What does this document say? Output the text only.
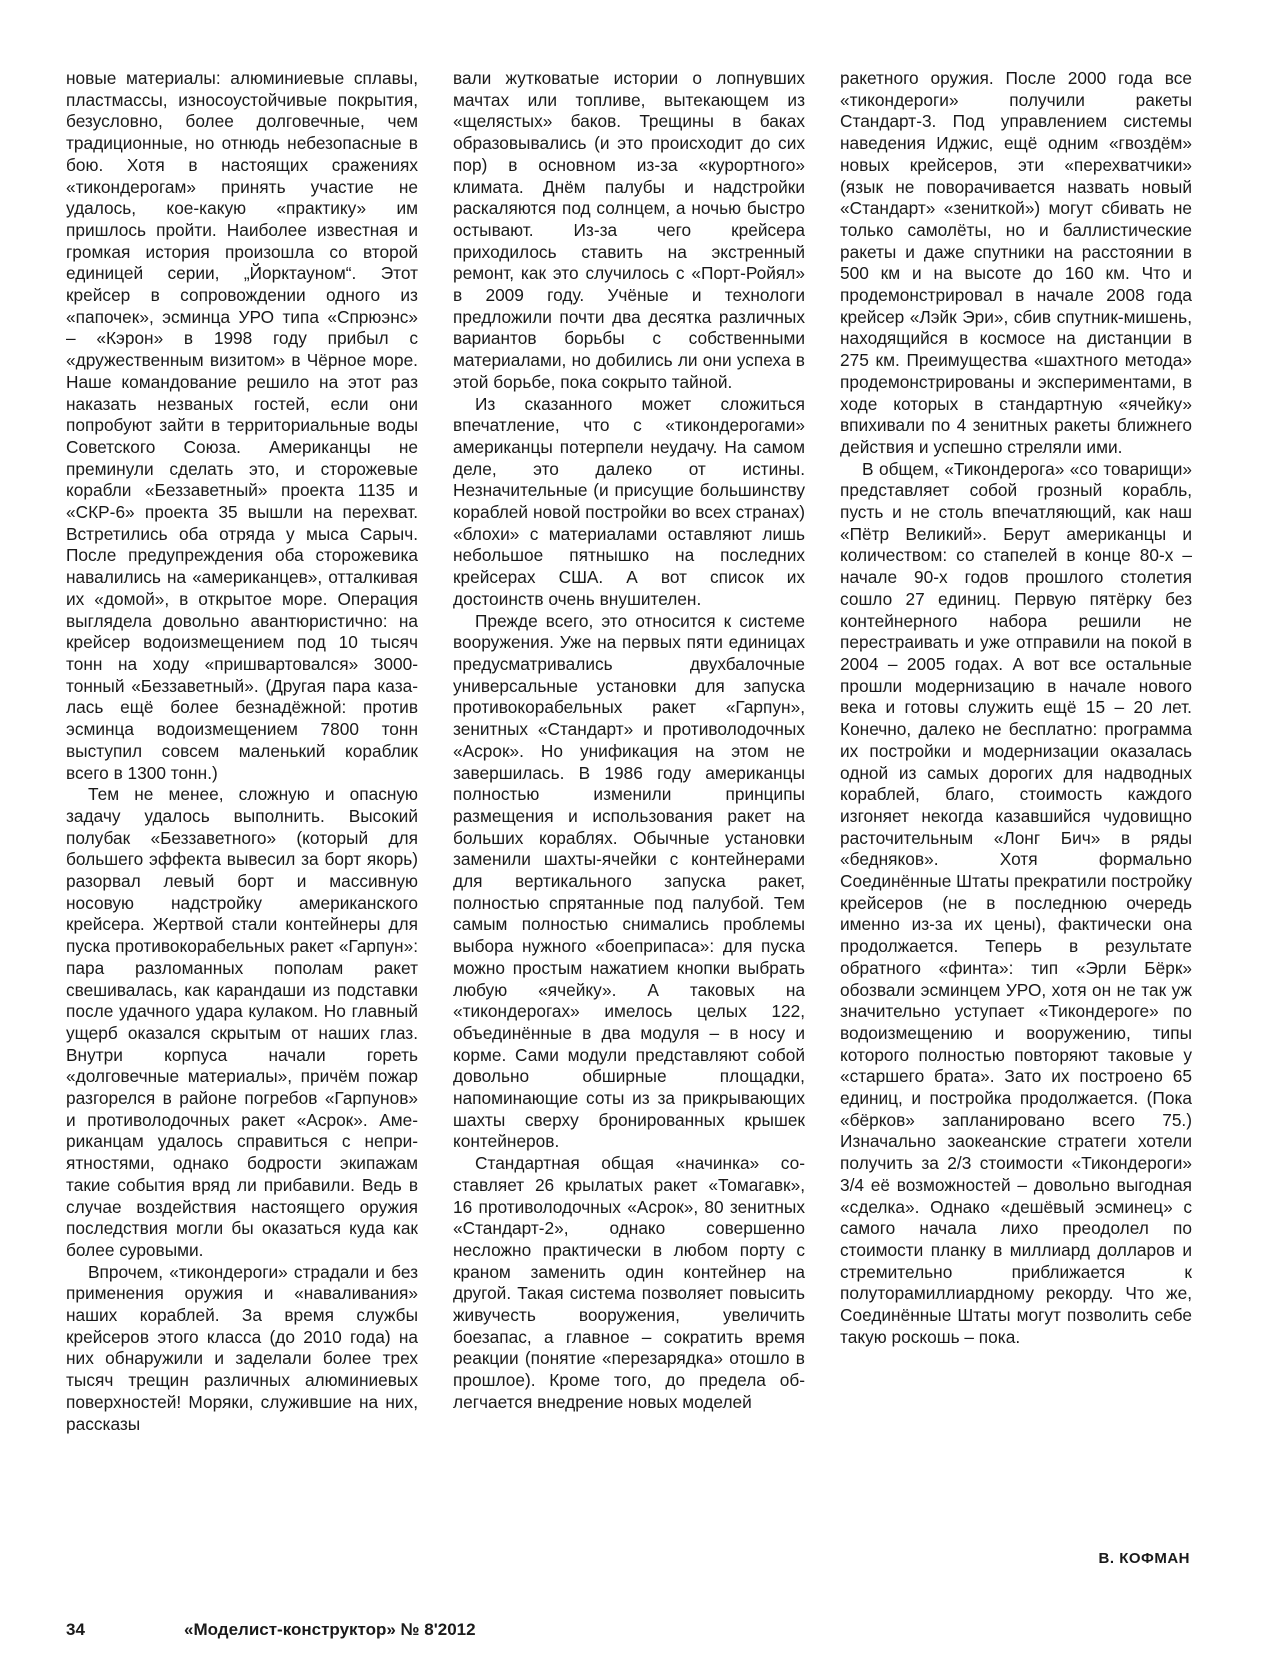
новые материалы: алюминиевые сплавы, пластмассы, износоустойчивые покрытия, безусловно, более долговечные, чем традиционные, но отнюдь небезопасные в бою. Хотя в настоящих сражениях «тикондерогам» принять участие не удалось, кое-какую «практику» им пришлось пройти. Наиболее известная и громкая история произошла со второй единицей серии, „Йорктауном“. Этот крейсер в сопровождении одного из «папочек», эсминца УРО типа «Спрюэнс» – «Кэрон» в 1998 году прибыл с «дружественным визитом» в Чёрное море. Наше командование решило на этот раз наказать незваных гостей, если они попробуют зайти в территориальные воды Советского Союза. Американцы не преминули сделать это, и сторожевые корабли «Беззаветный» проекта 1135 и «СКР-6» проекта 35 вышли на перехват. Встретились оба отряда у мыса Сарыч. После предупреждения оба сторожевика навалились на «американцев», отталкивая их «домой», в открытое море. Операция выглядела довольно авантюристично: на крейсер водоизмещением под 10 тысяч тонн на ходу «пришвартовался» 3000-тонный «Беззаветный». (Другая пара казалась ещё более безнадёжной: против эсминца водоизмещением 7800 тонн выступил совсем маленький кораблик всего в 1300 тонн.)

Тем не менее, сложную и опасную задачу удалось выполнить. Высокий полубак «Беззаветного» (который для большего эффекта вывесил за борт якорь) разорвал левый борт и массивную носовую надстройку американского крейсера. Жертвой стали контейнеры для пуска противокорабельных ракет «Гарпун»: пара разломанных пополам ракет свешивалась, как карандаши из подставки после удачного удара кулаком. Но главный ущерб оказался скрытым от наших глаз. Внутри корпуса начали гореть «долговечные материалы», причём пожар разгорелся в районе погребов «Гарпунов» и противолодочных ракет «Асрок». Американцам удалось справиться с неприятностями, однако бодрости экипажам такие события вряд ли прибавили. Ведь в случае воздействия настоящего оружия последствия могли бы оказаться куда как более суровыми.

Впрочем, «тикондероги» страдали и без применения оружия и «наваливания» наших кораблей. За время службы крейсеров этого класса (до 2010 года) на них обнаружили и заделали более трех тысяч трещин различных алюминиевых поверхностей! Моряки, служившие на них, рассказы

вали жутковатые истории о лопнувших мачтах или топливе, вытекающем из «щелястых» баков. Трещины в баках образовывались (и это происходит до сих пор) в основном из-за «курортного» климата. Днём палубы и надстройки раскаляются под солнцем, а ночью быстро остывают. Из-за чего крейсера приходилось ставить на экстренный ремонт, как это случилось с «Порт-Ройял» в 2009 году. Учёные и технологи предложили почти два десятка различных вариантов борьбы с собственными материалами, но добились ли они успеха в этой борьбе, пока сокрыто тайной.

Из сказанного может сложиться впечатление, что с «тикондерогами» американцы потерпели неудачу. На самом деле, это далеко от истины. Незначительные (и присущие большинству кораблей новой постройки во всех странах) «блохи» с материалами оставляют лишь небольшое пятнышко на последних крейсерах США. А вот список их достоинств очень внушителен.

Прежде всего, это относится к системе вооружения. Уже на первых пяти единицах предусматривались двухбалочные универсальные установки для запуска противокорабельных ракет «Гарпун», зенитных «Стандарт» и противолодочных «Асрок». Но унификация на этом не завершилась. В 1986 году американцы полностью изменили принципы размещения и использования ракет на больших кораблях. Обычные установки заменили шахты-ячейки с контейнерами для вертикального запуска ракет, полностью спрятанные под палубой. Тем самым полностью снимались проблемы выбора нужного «боеприпаса»: для пуска можно простым нажатием кнопки выбрать любую «ячейку». А таковых на «тикондерогах» имелось целых 122, объединённые в два модуля – в носу и корме. Сами модули представляют собой довольно обширные площадки, напоминающие соты из за прикрывающих шахты сверху бронированных крышек контейнеров.

Стандартная общая «начинка» составляет 26 крылатых ракет «Томагавк», 16 противолодочных «Асрок», 80 зенитных «Стандарт-2», однако совершенно несложно практически в любом порту с краном заменить один контейнер на другой. Такая система позволяет повысить живучесть вооружения, увеличить боезапас, а главное – сократить время реакции (понятие «перезарядка» отошло в прошлое). Кроме того, до предела облегчается внедрение новых моделей

ракетного оружия. После 2000 года все «тикондероги» получили ракеты Стандарт-3. Под управлением системы наведения Иджис, ещё одним «гвоздём» новых крейсеров, эти «перехватчики» (язык не поворачивается назвать новый «Стандарт» «зениткой») могут сбивать не только самолёты, но и баллистические ракеты и даже спутники на расстоянии в 500 км и на высоте до 160 км. Что и продемонстрировал в начале 2008 года крейсер «Лэйк Эри», сбив спутник-мишень, находящийся в космосе на дистанции в 275 км. Преимущества «шахтного метода» продемонстрированы и экспериментами, в ходе которых в стандартную «ячейку» впихивали по 4 зенитных ракеты ближнего действия и успешно стреляли ими.

В общем, «Тикондерога» «со товарищи» представляет собой грозный корабль, пусть и не столь впечатляющий, как наш «Пётр Великий». Берут американцы и количеством: со стапелей в конце 80-х – начале 90-х годов прошлого столетия сошло 27 единиц. Первую пятёрку без контейнерного набора решили не перестраивать и уже отправили на покой в 2004 – 2005 годах. А вот все остальные прошли модернизацию в начале нового века и готовы служить ещё 15 – 20 лет. Конечно, далеко не бесплатно: программа их постройки и модернизации оказалась одной из самых дорогих для надводных кораблей, благо, стоимость каждого изгоняет некогда казавшийся чудовищно расточительным «Лонг Бич» в ряды «бедняков». Хотя формально Соединённые Штаты прекратили постройку крейсеров (не в последнюю очередь именно из-за их цены), фактически она продолжается. Теперь в результате обратного «финта»: тип «Эрли Бёрк» обозвали эсминцем УРО, хотя он не так уж значительно уступает «Тикондероге» по водоизмещению и вооружению, типы которого полностью повторяют таковые у «старшего брата». Зато их построено 65 единиц, и постройка продолжается. (Пока «бёрков» запланировано всего 75.) Изначально заокеанские стратеги хотели получить за 2/3 стоимости «Тикондероги» 3/4 её возможностей – довольно выгодная «сделка». Однако «дешёвый эсминец» с самого начала лихо преодолел по стоимости планку в миллиард долларов и стремительно приближается к полуторамиллиардному рекорду. Что же, Соединённые Штаты могут позволить себе такую роскошь – пока.

В. КОФМАН
34	«Моделист-конструктор» № 8'2012
